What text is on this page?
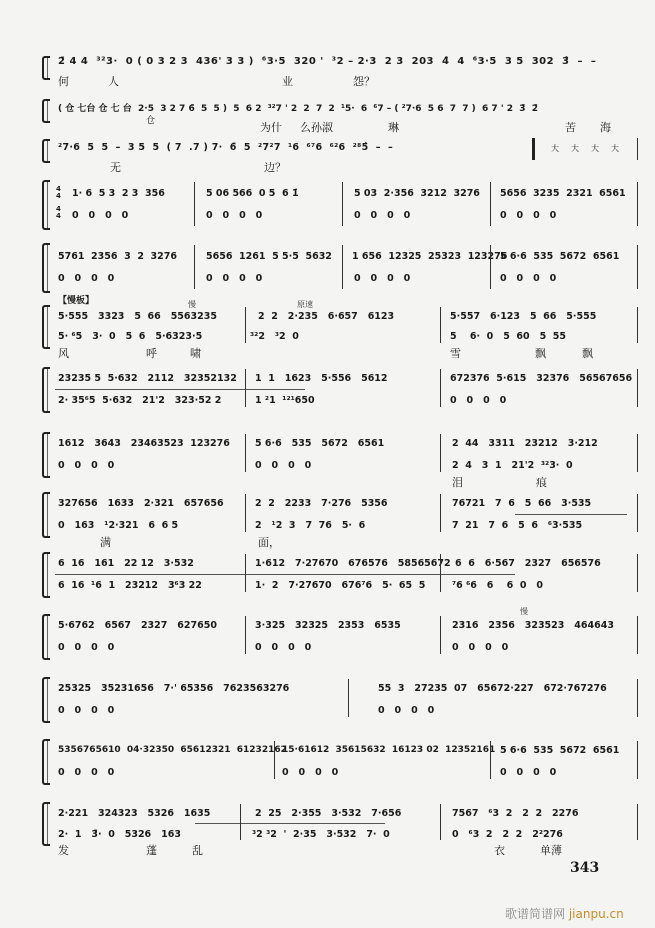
2̄ 4 4  ³²3·  0 ( 0 3 2 3  436' 3 3 )  ⁶3·5  320 '  ³2 – 2·3  2 3  203  4̂  4  ⁶3·5  3 5  302  3̂  –  –
何	人	业	怨？
( 仓 七台 仓 七 台  2·5  3 2 7 6̄  5  5 )  5  6 2  ³²7 ' 2  2  7  2  ¹5·  6  ⁶7 – ( ²7·6  5 6  7  7 )  6 7 ' 2  3̄  2̄
仓	为什 么孙淑	琳	苦 海
²7·6  5  5  –  3 5  5  ( 7  .7 ) 7·  6̄  5  ²7²7  ¹6  ⁶⁷6  ⁶²6  ²⁸5̂  –  –
无	边？
大 大 大 大
4
4
4
4
1· 6  5 3  2 3  356
0   0   0   0
5 06 566  0 5  6 1̇
0   0   0   0
5 03  2·356  3212  3276
0   0   0   0
5656  3235  2321  6561
0   0   0   0
5761  2356  3  2  3276
0   0   0   0
5656  1261  5 5·5  5632
0   0   0   0
1 656  12325  25323  123276
0   0   0   0
5 6·6  535  5672  6561
0   0   0   0
【慢板】	慢	原速
5·555   3323   5  66   5563235
5· ⁶5   3·  0   5  6   5·6323·5
2  2   2·235   6·657   6123
³²2   ³2  0
5·557   6·123   5  66   5·555
5    6·  0   5  60   5  55
风	呼	啸	雪	飘	飘
23235 5  5·632   2112   32352132
2· 35⁶5  5·632   21'2   323·52 2
1  1   1623   5·556   5612
1 ²1  ¹²¹650
672376  5·615   32376   56567656
0   0   0   0
1612   3643   23463523  123276
0   0   0   0
5 6·6   535   5672   6561
0   0   0   0
2  44   3311   23212   3·212
2  4   3  1   21'2  ³²3·  0
泪	痕
327656   1633   2·321   657656
0   163   ¹2·321   6  6 5
2  2   2233   7·276   5356
2   ¹2  3   7  76   5·  6
76721   7  6   5  66   3·535
7  21   7  6   5  6   ⁶3·535
满	面，
6  16   161   22 12   3·532
6  16  ¹6  1   23212   3⁶3 22
1·612   7·27670   676576   58565672
1·  2   7·27670   676⁷6   5·  65  5
6  6   6·567   2327   656576
⁷6 ⁶6   6    6  0   0
慢
5·6762   6567   2327   627650
0   0   0   0
3·325   32325   2353   6535
0   0   0   0
2316   2356   323523   464643
0   0   0   0
25325   35231656   7·' 65356   7623563276
0   0   0   0
55  3   27235  07   65672·227   672·767276
0   0   0   0
5356765610  04·32350  65612321  61232162
0   0   0   0
15·61612  35615632  16123 02  12352161
0   0   0   0
5 6·6  535  5672  6561
0   0   0   0
2·221   324323   5326   1635
2·  1   3̄·  0   5326   163
2  25   2·355   3·532   7·656
³2 ³2  '  2·35   3·532   7·  0
7567   ⁶3  2   2  2   2276
0   ⁶3  2   2  2   2²276
发	蓬	乱	衣	单薄
343
歌谱简谱网 jianpu.cn
